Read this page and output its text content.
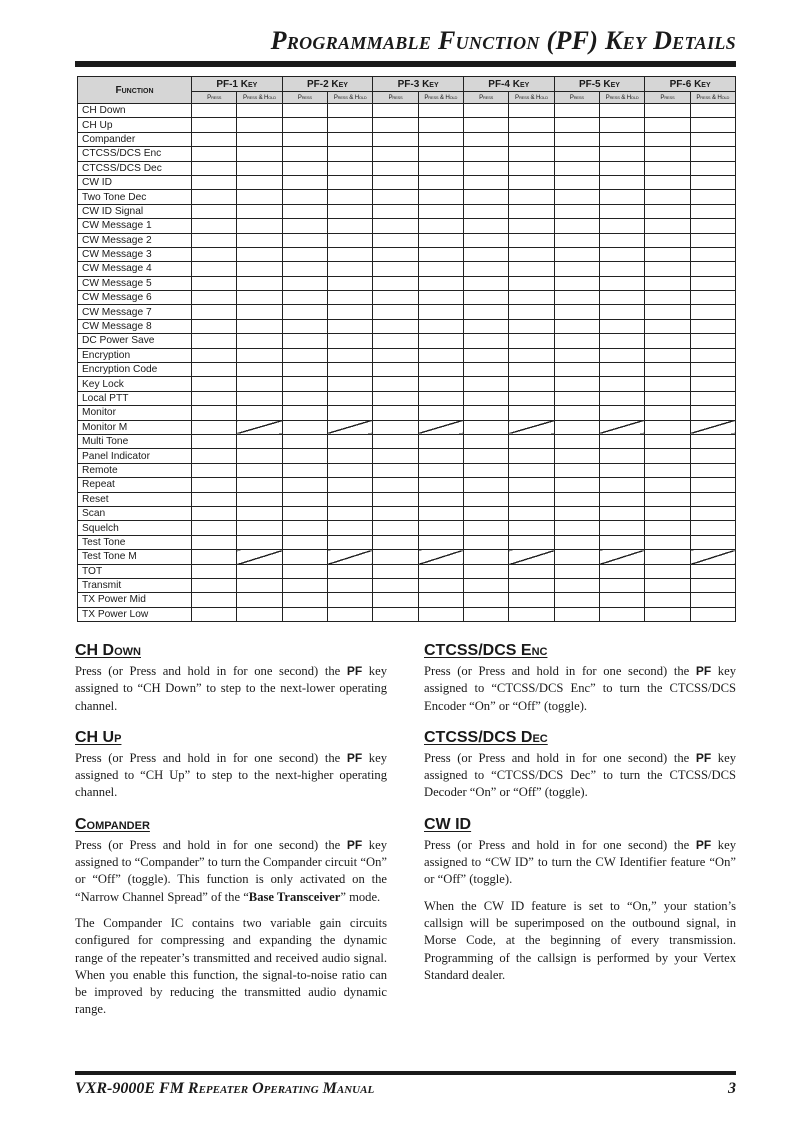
Programmable Function (PF) Key Details
Function	PF-1 Key		PF-2 Key		PF-3 Key		PF-4 Key		PF-5 Key		PF-6 Key	
	Press	Press & Hold	Press	Press & Hold	Press	Press & Hold	Press	Press & Hold	Press	Press & Hold	Press	Press & Hold
CH Down												
CH Up												
Compander												
CTCSS/DCS Enc												
CTCSS/DCS Dec												
CW ID												
Two Tone Dec												
CW ID Signal												
CW Message 1												
CW Message 2												
CW Message 3												
CW Message 4												
CW Message 5												
CW Message 6												
CW Message 7												
CW Message 8												
DC Power Save												
Encryption												
Encryption Code												
Key Lock												
Local PTT												
Monitor												
Monitor M												
Multi Tone												
Panel Indicator												
Remote												
Repeat												
Reset												
Scan												
Squelch												
Test Tone												
Test Tone M												
TOT												
Transmit												
TX Power Mid												
TX Power Low												
CH Down

Press (or Press and hold in for one second) the PF key assigned to “CH Down” to step to the next-lower operating channel.

CH Up

Press (or Press and hold in for one second) the PF key assigned to “CH Up” to step to the next-higher operating channel.

Compander

Press (or Press and hold in for one second) the PF key assigned to “Compander” to turn the Compander circuit “On” or “Off” (toggle). This function is only activated on the “Narrow Channel Spread” of the “Base Transceiver” mode.

The Compander IC contains two variable gain circuits configured for compressing and expanding the dynamic range of the repeater’s transmitted and received audio signal. When you enable this function, the signal-to-noise ratio can be improved by reducing the transmitted audio dynamic range.

CTCSS/DCS Enc

Press (or Press and hold in for one second) the PF key assigned to “CTCSS/DCS Enc” to turn the CTCSS/DCS Encoder “On” or “Off” (toggle).

CTCSS/DCS Dec

Press (or Press and hold in for one second) the PF key assigned to “CTCSS/DCS Dec” to turn the CTCSS/DCS Decoder “On” or “Off” (toggle).

CW ID

Press (or Press and hold in for one second) the PF key assigned to “CW ID” to turn the CW Identifier feature “On” or “Off” (toggle).

When the CW ID feature is set to “On,” your station’s callsign will be superimposed on the outbound signal, in Morse Code, at the beginning of every transmission. Programming of the callsign is performed by your Vertex Standard dealer.

VXR-9000E FM Repeater Operating Manual	3
